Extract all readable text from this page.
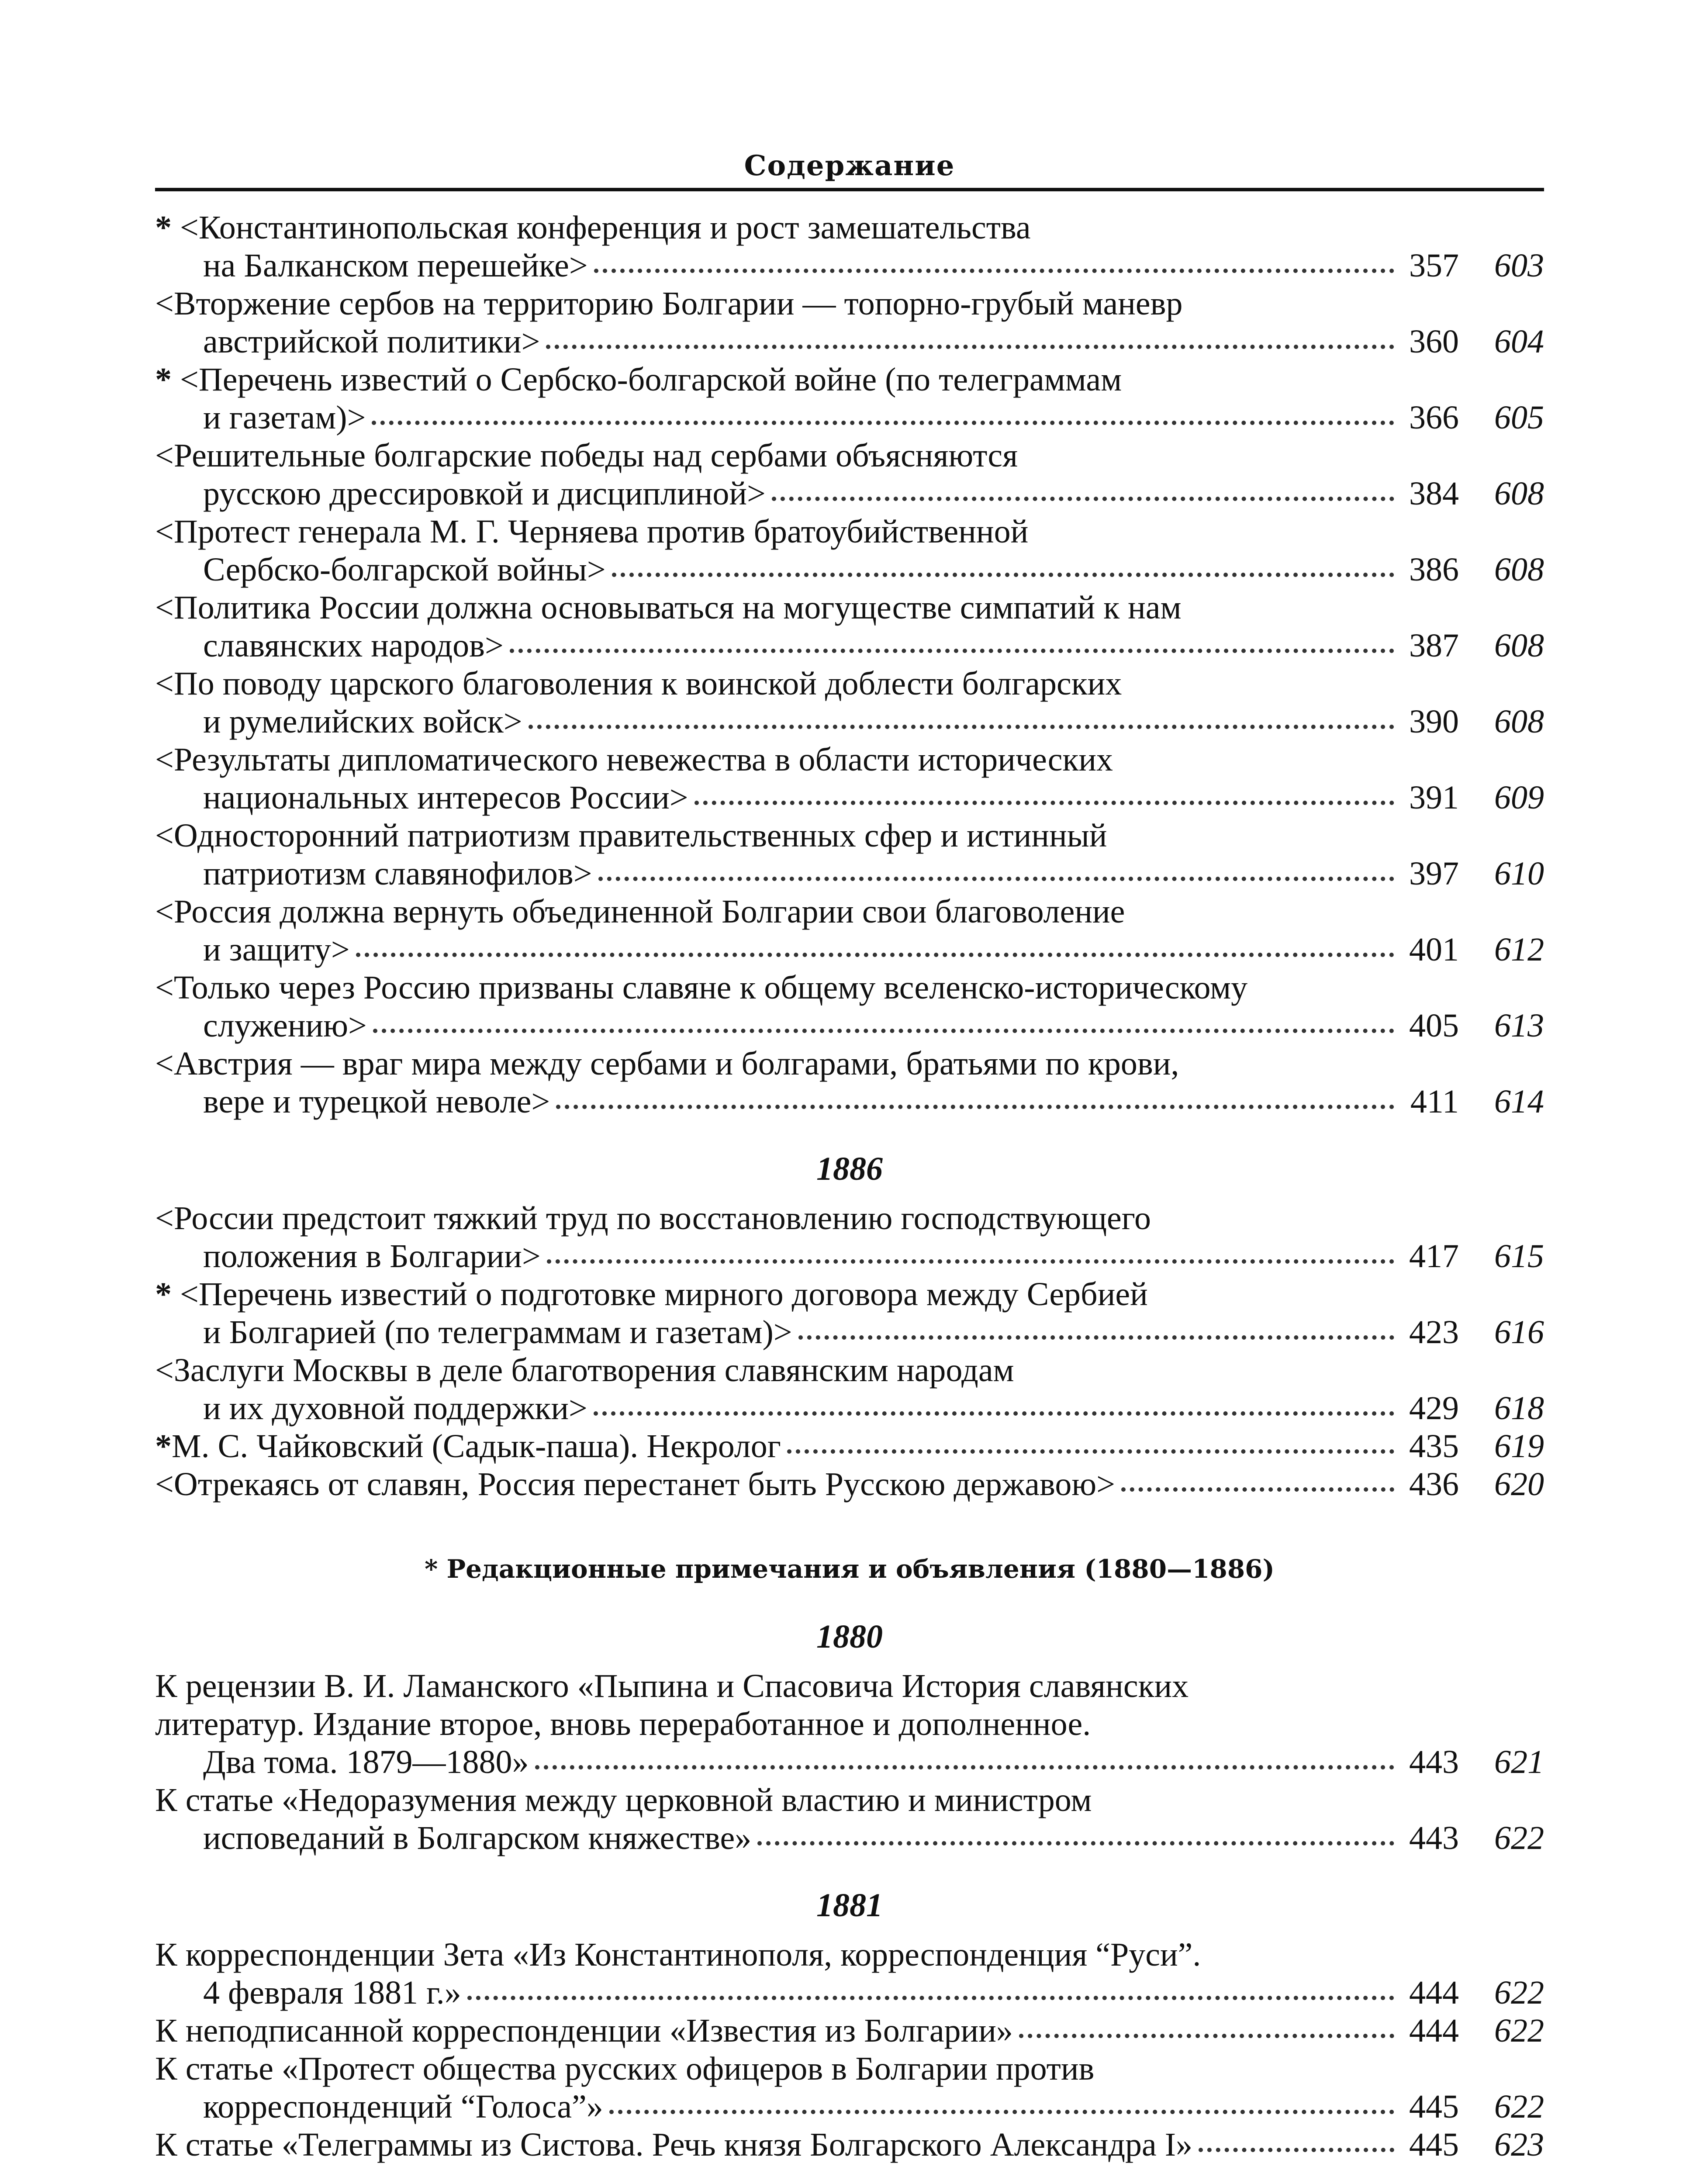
Содержание
* <Константинопольская конференция и рост замешательства
на Балканском перешейке>	357	603
<Вторжение сербов на территорию Болгарии — топорно-грубый маневр
австрийской политики>	360	604
* <Перечень известий о Сербско-болгарской войне (по телеграммам
и газетам)>	366	605
<Решительные болгарские победы над сербами объясняются
русскою дрессировкой и дисциплиной>	384	608
<Протест генерала М. Г. Черняева против братоубийственной
Сербско-болгарской войны>	386	608
<Политика России должна основываться на могуществе симпатий к нам
славянских народов>	387	608
<По поводу царского благоволения к воинской доблести болгарских
и румелийских войск>	390	608
<Результаты дипломатического невежества в области исторических
национальных интересов России>	391	609
<Односторонний патриотизм правительственных сфер и истинный
патриотизм славянофилов>	397	610
<Россия должна вернуть объединенной Болгарии свои благоволение
и защиту>	401	612
<Только через Россию призваны славяне к общему вселенско-историческому
служению>	405	613
<Австрия — враг мира между сербами и болгарами, братьями по крови,
вере и турецкой неволе>	411	614
1886
<России предстоит тяжкий труд по восстановлению господствующего
положения в Болгарии>	417	615
* <Перечень известий о подготовке мирного договора между Сербией
и Болгарией (по телеграммам и газетам)>	423	616
<Заслуги Москвы в деле благотворения славянским народам
и их духовной поддержки>	429	618
* М. С. Чайковский (Садык-паша). Некролог	435	619
<Отрекаясь от славян, Россия перестанет быть Русскою державою>	436	620
* Редакционные примечания и объявления (1880—1886)
1880
К рецензии В. И. Ламанского «Пыпина и Спасовича История славянских
литератур. Издание второе, вновь переработанное и дополненное.
Два тома. 1879—1880»	443	621
К статье «Недоразумения между церковной властию и министром
исповеданий в Болгарском княжестве»	443	622
1881
К корреспонденции Зета «Из Константинополя, корреспонденция “Руси”.
4 февраля 1881 г.»	444	622
К неподписанной корреспонденции «Известия из Болгарии»	444	622
К статье «Протест общества русских офицеров в Болгарии против
корреспонденций “Голоса”»	445	622
К статье «Телеграммы из Систова. Речь князя Болгарского Александра I»	445	623
